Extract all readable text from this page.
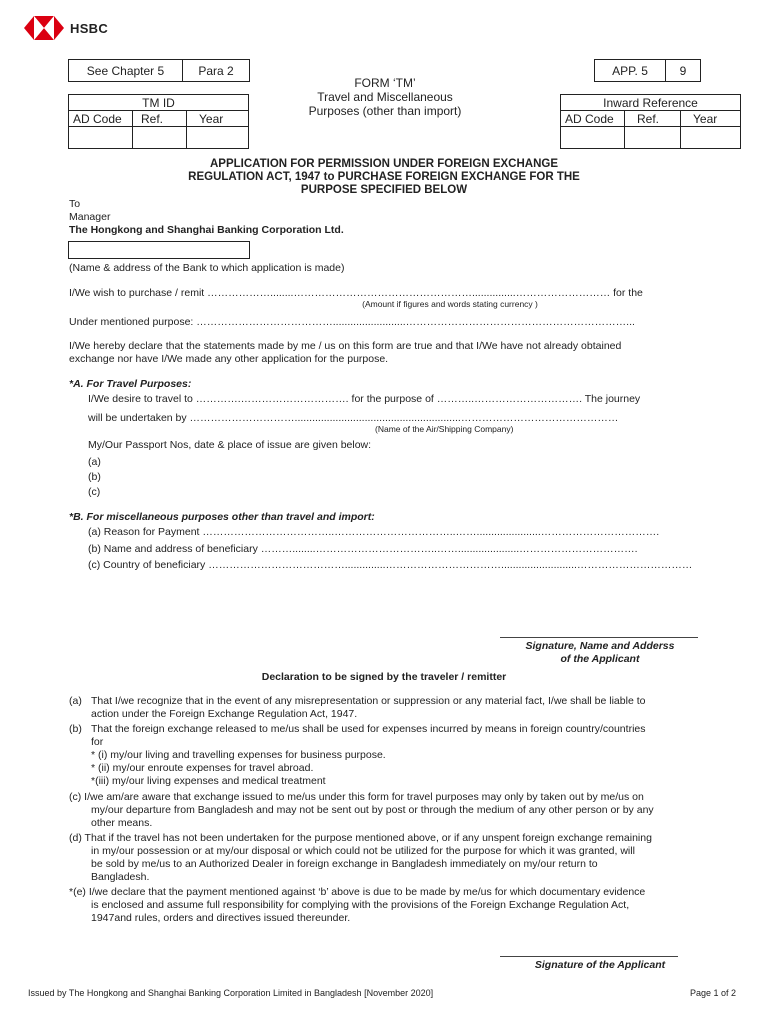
HSBC
See Chapter 5	Para 2	APP. 5	9
FORM ‘TM’
Travel and Miscellaneous
Purposes (other than import)
TM ID
AD Code	Ref.	Year
Inward Reference
AD Code	Ref.	Year
APPLICATION FOR PERMISSION UNDER FOREIGN EXCHANGE
REGULATION ACT, 1947 to PURCHASE FOREIGN EXCHANGE FOR THE
PURPOSE SPECIFIED BELOW
To
Manager
The Hongkong and Shanghai Banking Corporation Ltd.
(Name & address of the Bank to which application is made)
I/We wish to purchase / remit ………………........……………………………………………...............……………………… for the
(Amount if figures and words stating currency )
Under mentioned purpose: ………………………………….........................………………………………………………………...
I/We hereby declare that the statements made by me / us on this form are true and that I/We have not already obtained
exchange nor have I/We made any other application for the purpose.
*A. For Travel Purposes:
I/We desire to travel to ………….…………………………. for the purpose of ………..…………………………. The journey
will be undertaken by ………………………….........................................................………………………………………
(Name of the Air/Shipping Company)
My/Our Passport Nos, date & place of issue are given below:
(a)
(b)
(c)
*B. For miscellaneous purposes other than travel and import:
(a) Reason for Payment ………………………………..……………………………..……......................…………………………….
(b) Name and address of beneficiary ………........……………………………..…….....................…………………………….
(c) Country of beneficiary …………………………………..............……………………………..........................……………………………
Signature, Name and Adderss
of the Applicant
Declaration to be signed by the traveler / remitter
(a) That I/we recognize that in the event of any misrepresentation or suppression or any material fact, I/we shall be liable to
action under the Foreign Exchange Regulation Act, 1947.
(b) That the foreign exchange released to me/us shall be used for expenses incurred by means in foreign country/countries
for
* (i) my/our living and travelling expenses for business purpose.
* (ii) my/our enroute expenses for travel abroad.
*(iii) my/our living expenses and medical treatment
(c) I/we am/are aware that exchange issued to me/us under this form for travel purposes may only by taken out by me/us on
my/our departure from Bangladesh and may not be sent out by post or through the medium of any other person or by any
other means.
(d) That if the travel has not been undertaken for the purpose mentioned above, or if any unspent foreign exchange remaining
in my/our possession or at my/our disposal or which could not be utilized for the purpose for which it was granted, will
be sold by me/us to an Authorized Dealer in foreign exchange in Bangladesh immediately on my/our return to
Bangladesh.
*(e) I/we declare that the payment mentioned against ‘b’ above is due to be made by me/us for which documentary evidence
is enclosed and assume full responsibility for complying with the provisions of the Foreign Exchange Regulation Act,
1947and rules, orders and directives issued thereunder.
Signature of the Applicant
Issued by The Hongkong and Shanghai Banking Corporation Limited in Bangladesh [November 2020]	Page 1 of 2
